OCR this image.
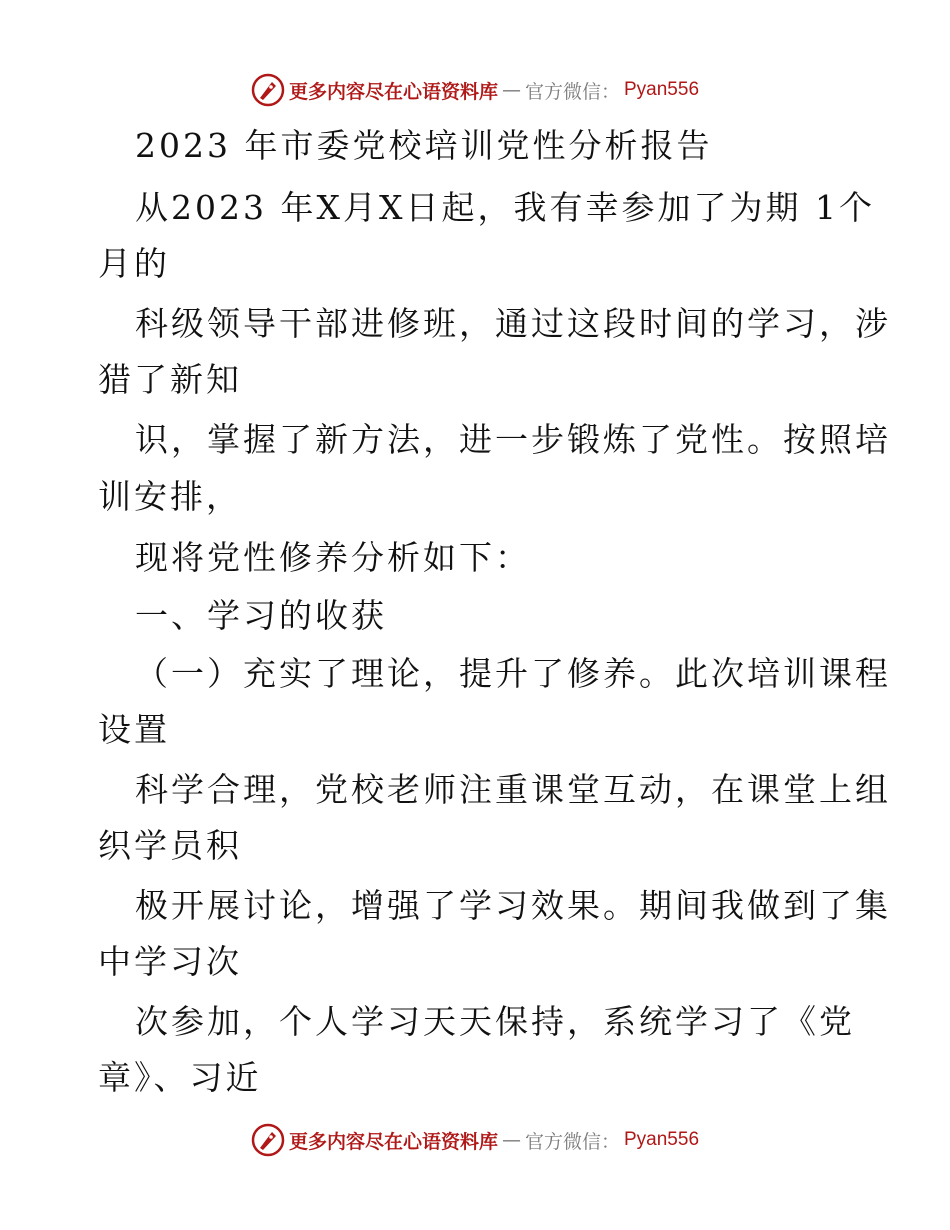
更多内容尽在心语资料库 — 官方微信： Pyan556
2023 年市委党校培训党性分析报告
从2023 年X月X日起，我有幸参加了为期 1个
月的
科级领导干部进修班，通过这段时间的学习，涉
猎了新知
识，掌握了新方法，进一步锻炼了党性。按照培
训安排，
现将党性修养分析如下：
一、学习的收获
（一）充实了理论，提升了修养。此次培训课程
设置
科学合理，党校老师注重课堂互动，在课堂上组
织学员积
极开展讨论，增强了学习效果。期间我做到了集
中学习次
次参加，个人学习天天保持，系统学习了《党
章》、习近
更多内容尽在心语资料库 — 官方微信： Pyan556
